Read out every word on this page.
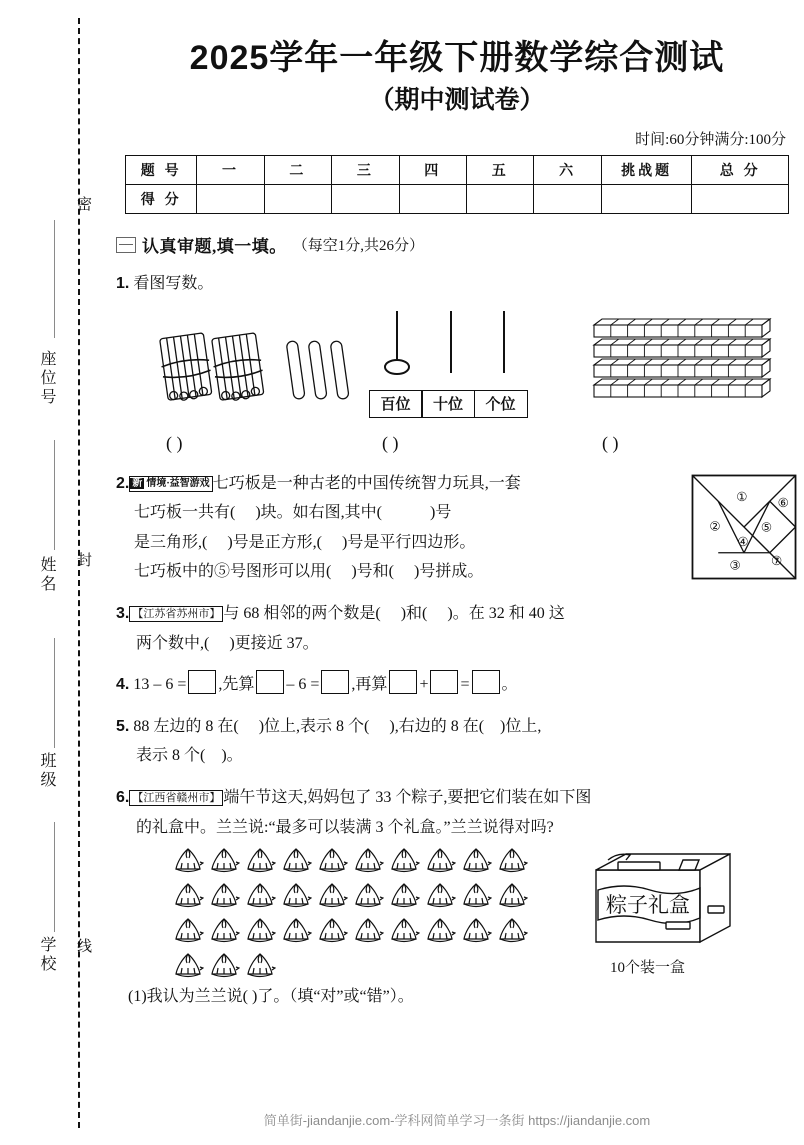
密
封
线
座位号
姓名
班级
学校
2025学年一年级下册数学综合测试
（期中测试卷）
时间:60分钟满分:100分
题 号	一	二	三	四	五	六	挑战题	总 分
得 分								
认真审题,填一填。 （每空1分,共26分）
1. 看图写数。
百位	十位	个位
( )	( )	( )
①
②
③
④
⑤
⑥
⑦
2. 新 情境·益智游戏 七巧板是一种古老的中国传统智力玩具,一套
七巧板一共有( )块。如右图,其中(	)号
是三角形,( )号是正方形,( )号是平行四边形。
七巧板中的⑤号图形可以用( )号和( )号拼成。
3. 【江苏省苏州市】 与 68 相邻的两个数是( )和( )。在 32 和 40 这
两个数中,( )更接近 37。
4. 13 – 6 = ,先算 – 6 = ,再算 + = 。
5. 88 左边的 8 在( )位上,表示 8 个( ),右边的 8 在( )位上,
表示 8 个( )。
6. 【江西省赣州市】 端午节这天,妈妈包了 33 个粽子,要把它们装在如下图
的礼盒中。兰兰说:“最多可以装满 3 个礼盒。”兰兰说得对吗?
粽子礼盒
10个装一盒
(1)我认为兰兰说( )了。（填“对”或“错”）。
简单街-jiandanjie.com-学科网简单学习一条街 https://jiandanjie.com
